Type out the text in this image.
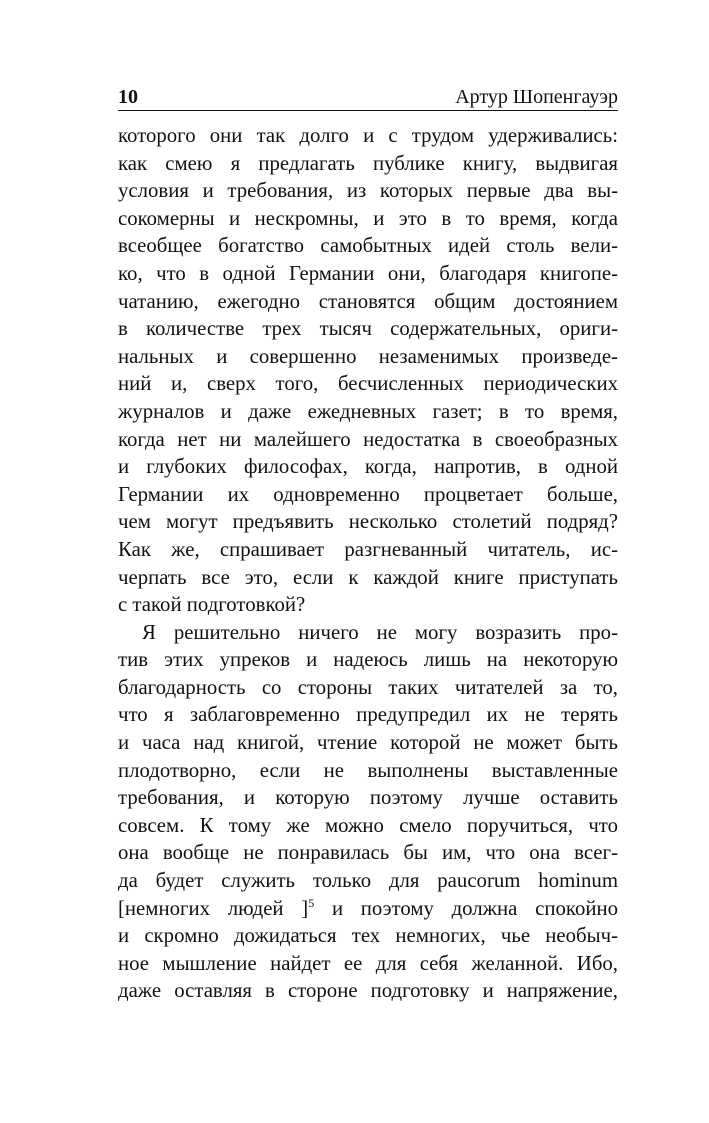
10	Артур Шопенгауэр
которого они так долго и с трудом удерживались:
как смею я предлагать публике книгу, выдвигая
условия и требования, из которых первые два вы-
сокомерны и нескромны, и это в то время, когда
всеобщее богатство самобытных идей столь вели-
ко, что в одной Германии они, благодаря книгопе-
чатанию, ежегодно становятся общим достоянием
в количестве трех тысяч содержательных, ориги-
нальных и совершенно незаменимых произведе-
ний и, сверх того, бесчисленных периодических
журналов и даже ежедневных газет; в то время,
когда нет ни малейшего недостатка в своеобразных
и глубоких философах, когда, напротив, в одной
Германии их одновременно процветает больше,
чем могут предъявить несколько столетий подряд?
Как же, спрашивает разгневанный читатель, ис-
черпать все это, если к каждой книге приступать
с такой подготовкой?
Я решительно ничего не могу возразить про-
тив этих упреков и надеюсь лишь на некоторую
благодарность со стороны таких читателей за то,
что я заблаговременно предупредил их не терять
и часа над книгой, чтение которой не может быть
плодотворно, если не выполнены выставленные
требования, и которую поэтому лучше оставить
совсем. К тому же можно смело поручиться, что
она вообще не понравилась бы им, что она всег-
да будет служить только для paucorum hominum
[немногих людей ]$^5$ и поэтому должна спокойно
и скромно дожидаться тех немногих, чье необыч-
ное мышление найдет ее для себя желанной. Ибо,
даже оставляя в стороне подготовку и напряжение,
